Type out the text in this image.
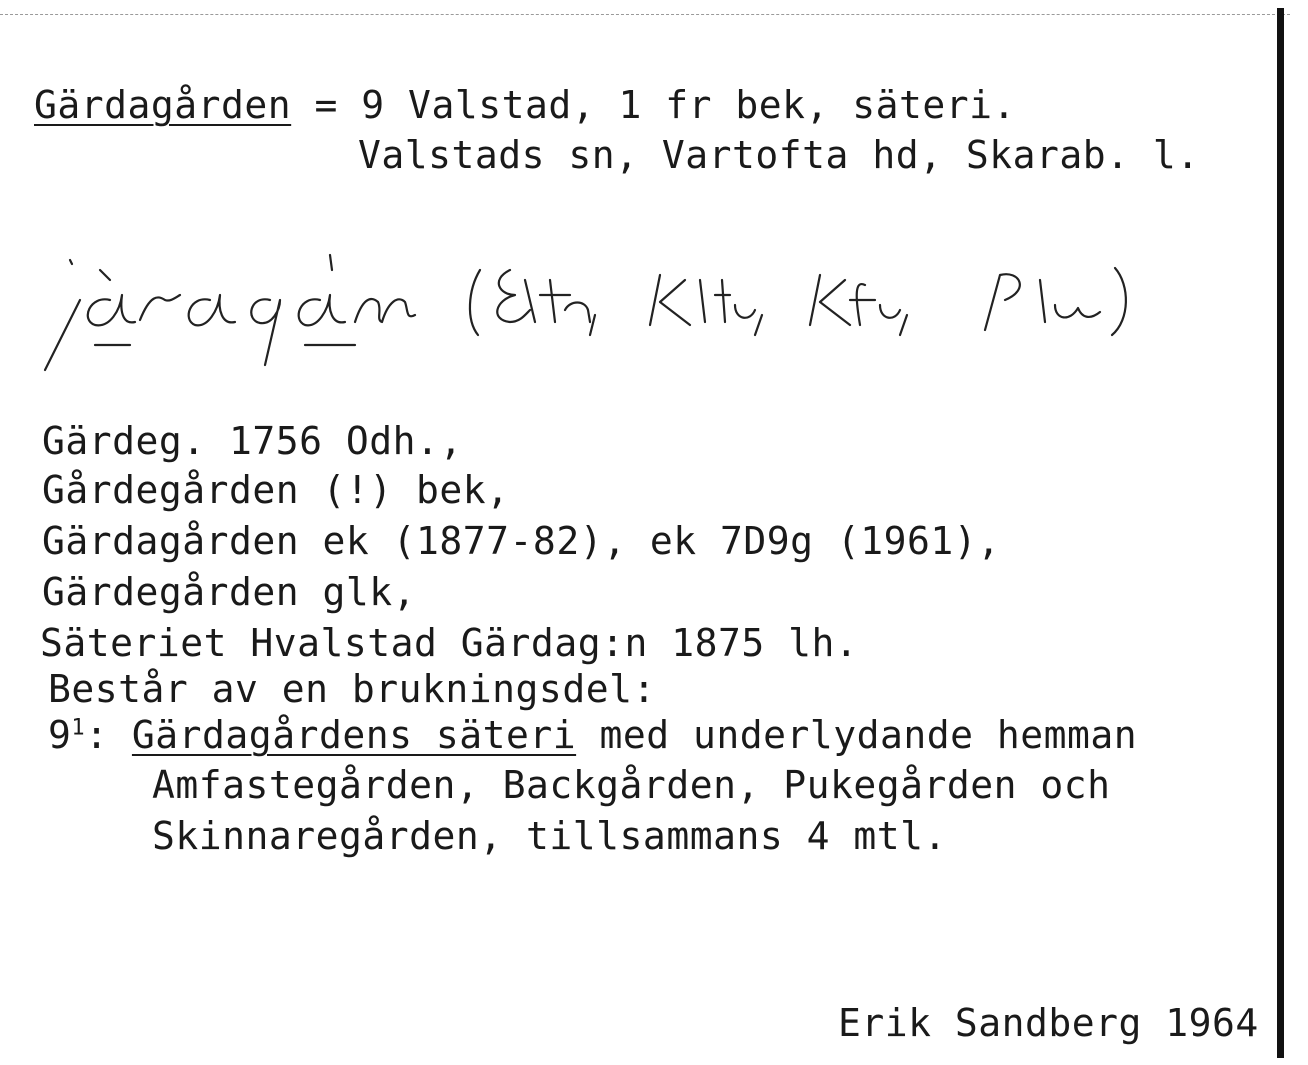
Gärdagården = 9 Valstad, 1 fr bek, säteri.
Valstads sn, Vartofta hd, Skarab. l.
Gärdeg. 1756 Odh.,
Gårdegården (!) bek,
Gärdagården ek (1877-82), ek 7D9g (1961),
Gärdegården glk,
Säteriet Hvalstad Gärdag:n 1875 lh.
Består av en brukningsdel:
$9^1$: Gärdagårdens säteri med underlydande hemman
Amfastegården, Backgården, Pukegården och
Skinnaregården, tillsammans 4 mtl.
Erik Sandberg 1964
